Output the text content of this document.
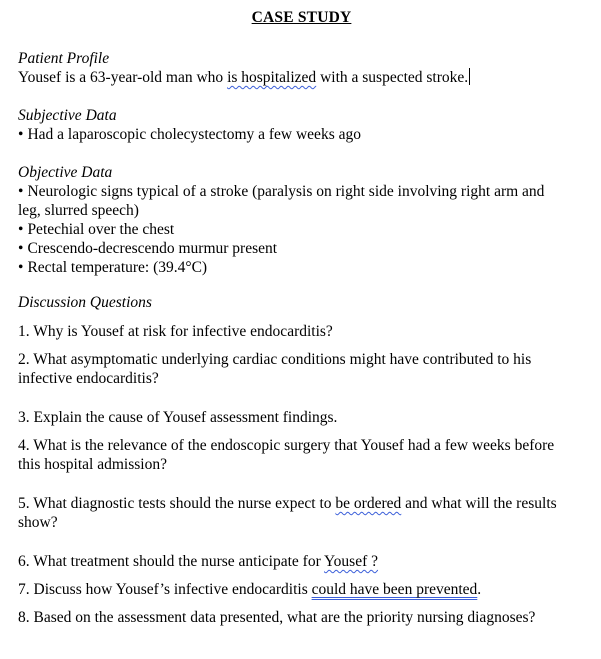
CASE STUDY

Patient Profile

Yousef is a 63-year-old man who is hospitalized with a suspected stroke.

Subjective Data

• Had a laparoscopic cholecystectomy a few weeks ago

Objective Data

• Neurologic signs typical of a stroke (paralysis on right side involving right arm and leg, slurred speech)
• Petechial over the chest
• Crescendo-decrescendo murmur present
• Rectal temperature: (39.4°C)

Discussion Questions

1. Why is Yousef at risk for infective endocarditis?

2. What asymptomatic underlying cardiac conditions might have contributed to his infective endocarditis?

3. Explain the cause of Yousef assessment findings.

4. What is the relevance of the endoscopic surgery that Yousef had a few weeks before this hospital admission?

5. What diagnostic tests should the nurse expect to be ordered and what will the results show?

6. What treatment should the nurse anticipate for Yousef ?

7. Discuss how Yousef’s infective endocarditis could have been prevented.

8. Based on the assessment data presented, what are the priority nursing diagnoses?
